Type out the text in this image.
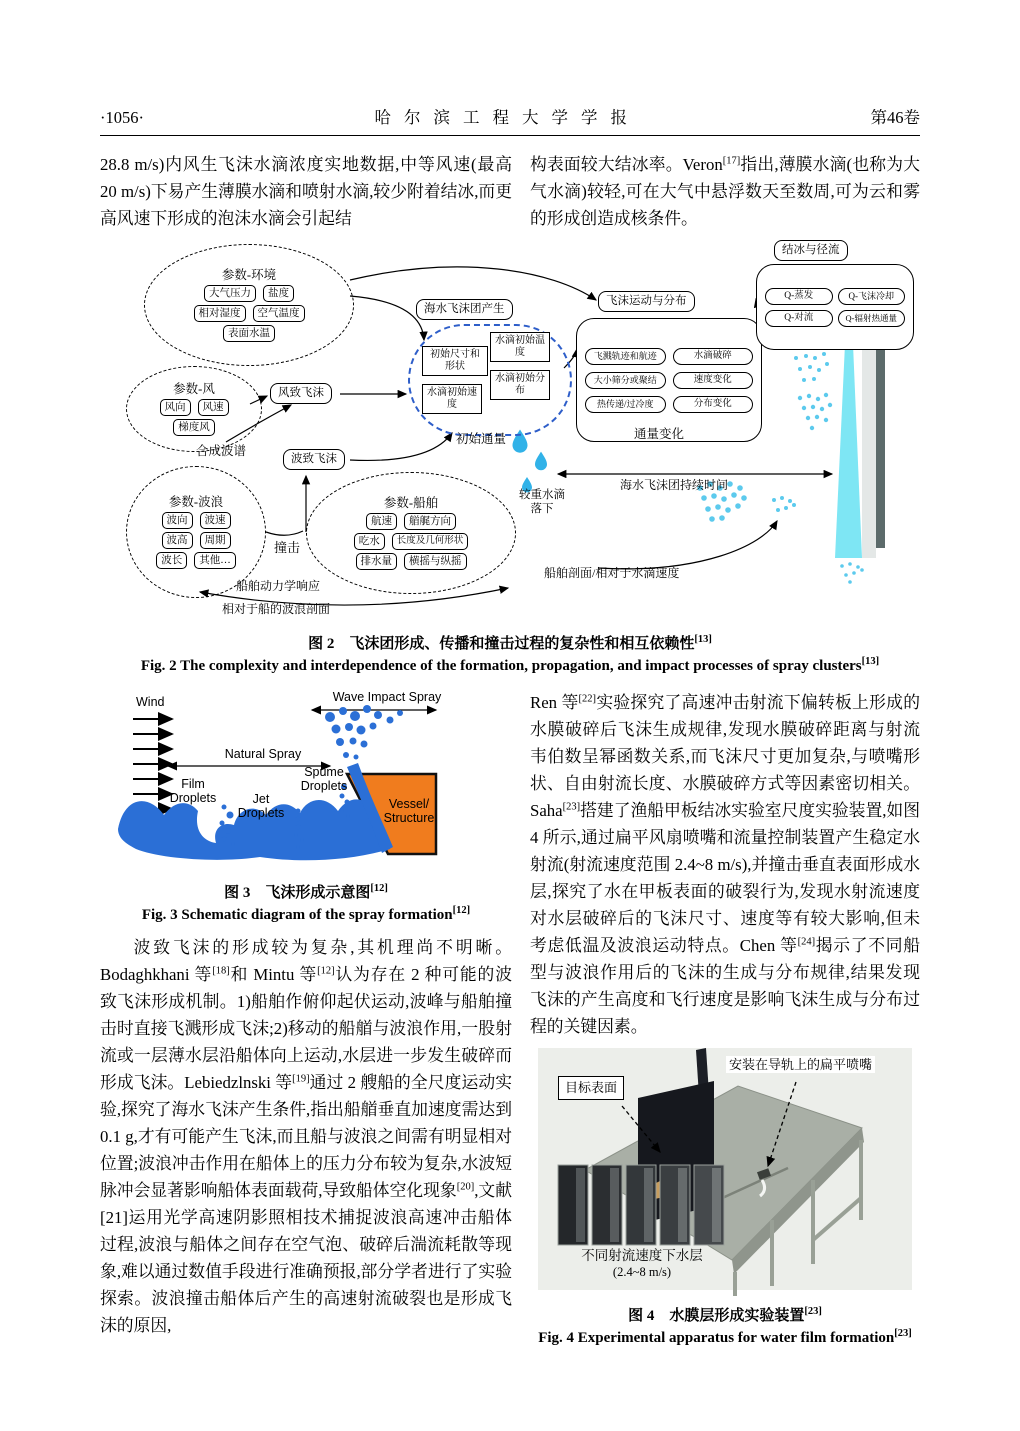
·1056·	哈尔滨工程大学学报	第46卷

28.8 m/s)内风生飞沫水滴浓度实地数据,中等风速(最高 20 m/s)下易产生薄膜水滴和喷射水滴,较少附着结冰,而更高风速下形成的泡沫水滴会引起结

构表面较大结冰率。Veron[17]指出,薄膜水滴(也称为大气水滴)较轻,可在大气中悬浮数天至数周,可为云和雾的形成创造成核条件。

参数-环境
大气压力	盐度
相对湿度	空气温度
表面水温
参数-风
风向	风速
梯度风
风致飞沫
合成波谱
波致飞沫
参数-波浪
波向	波速
波高	周期
波长	其他…
撞击
参数-船舶
航速	艏艉方向
吃水	长度及几何形状
排水量	横摇与纵摇
船舶动力学响应
相对于船的波浪剖面
海水飞沫团产生
初始尺寸和形状
水滴初始温度
水滴初始速度
水滴初始分布
初始通量
飞沫运动与分布
飞溅轨迹和航迹	水滴破碎
大小筛分或聚结	速度变化
热传递/过冷度	分布变化
通量变化
结冰与径流
Q-蒸发	Q-飞沫冷却
Q-对流	Q-辐射热通量
海水飞沫团持续时间
较重水滴
落下
船舶剖面/相对于水滴速度
图 2　飞沫团形成、传播和撞击过程的复杂性和相互依赖性[13]
Fig. 2 The complexity and interdependence of the formation, propagation, and impact processes of spray clusters[13]
Wind	Wave Impact Spray
Natural Spray
Film Droplets	Jet Droplets
Spume Droplets
Vessel/
Structure
图 3　飞沫形成示意图[12]
Fig. 3 Schematic diagram of the spray formation[12]

波致飞沫的形成较为复杂,其机理尚不明晰。Bodaghkhani 等[18]和 Mintu 等[12]认为存在 2 种可能的波致飞沫形成机制。1)船舶作俯仰起伏运动,波峰与船舶撞击时直接飞溅形成飞沫;2)移动的船艏与波浪作用,一股射流或一层薄水层沿船体向上运动,水层进一步发生破碎而形成飞沫。Lebiedzlnski 等[19]通过 2 艘船的全尺度运动实验,探究了海水飞沫产生条件,指出船艏垂直加速度需达到 0.1 g,才有可能产生飞沫,而且船与波浪之间需有明显相对位置;波浪冲击作用在船体上的压力分布较为复杂,水波短脉冲会显著影响船体表面载荷,导致船体空化现象[20],文献[21]运用光学高速阴影照相技术捕捉波浪高速冲击船体过程,波浪与船体之间存在空气泡、破碎后湍流耗散等现象,难以通过数值手段进行准确预报,部分学者进行了实验探索。波浪撞击船体后产生的高速射流破裂也是形成飞沫的原因,

Ren 等[22]实验探究了高速冲击射流下偏转板上形成的水膜破碎后飞沫生成规律,发现水膜破碎距离与射流韦伯数呈幂函数关系,而飞沫尺寸更加复杂,与喷嘴形状、自由射流长度、水膜破碎方式等因素密切相关。Saha[23]搭建了渔船甲板结冰实验室尺度实验装置,如图 4 所示,通过扁平风扇喷嘴和流量控制装置产生稳定水射流(射流速度范围 2.4~8 m/s),并撞击垂直表面形成水层,探究了水在甲板表面的破裂行为,发现水射流速度对水层破碎后的飞沫尺寸、速度等有较大影响,但未考虑低温及波浪运动特点。Chen 等[24]揭示了不同船型与波浪作用后的飞沫的生成与分布规律,结果发现飞沫的产生高度和飞行速度是影响飞沫生成与分布过程的关键因素。

目标表面
安装在导轨上的扁平喷嘴
不同射流速度下水层
(2.4~8 m/s)
图 4　水膜层形成实验装置[23]
Fig. 4 Experimental apparatus for water film formation[23]
